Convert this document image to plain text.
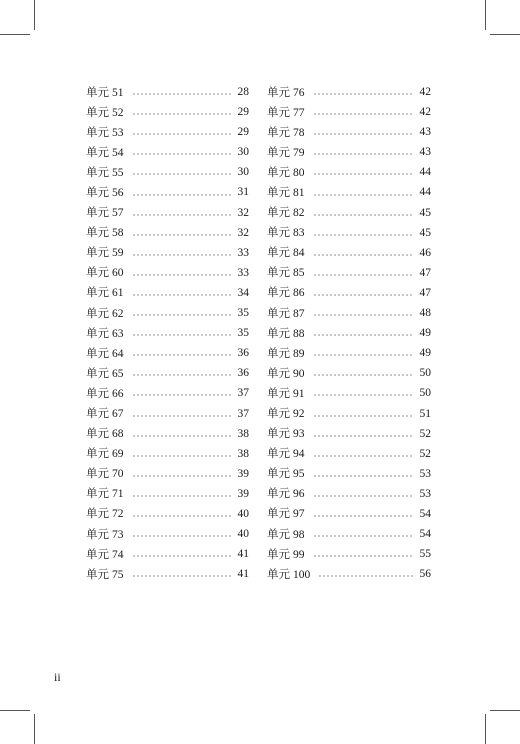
单元 51	28
单元 52	29
单元 53	29
单元 54	30
单元 55	30
单元 56	31
单元 57	32
单元 58	32
单元 59	33
单元 60	33
单元 61	34
单元 62	35
单元 63	35
单元 64	36
单元 65	36
单元 66	37
单元 67	37
单元 68	38
单元 69	38
单元 70	39
单元 71	39
单元 72	40
单元 73	40
单元 74	41
单元 75	41
单元 76	42
单元 77	42
单元 78	43
单元 79	43
单元 80	44
单元 81	44
单元 82	45
单元 83	45
单元 84	46
单元 85	47
单元 86	47
单元 87	48
单元 88	49
单元 89	49
单元 90	50
单元 91	50
单元 92	51
单元 93	52
单元 94	52
单元 95	53
单元 96	53
单元 97	54
单元 98	54
单元 99	55
单元 100	56
ii
